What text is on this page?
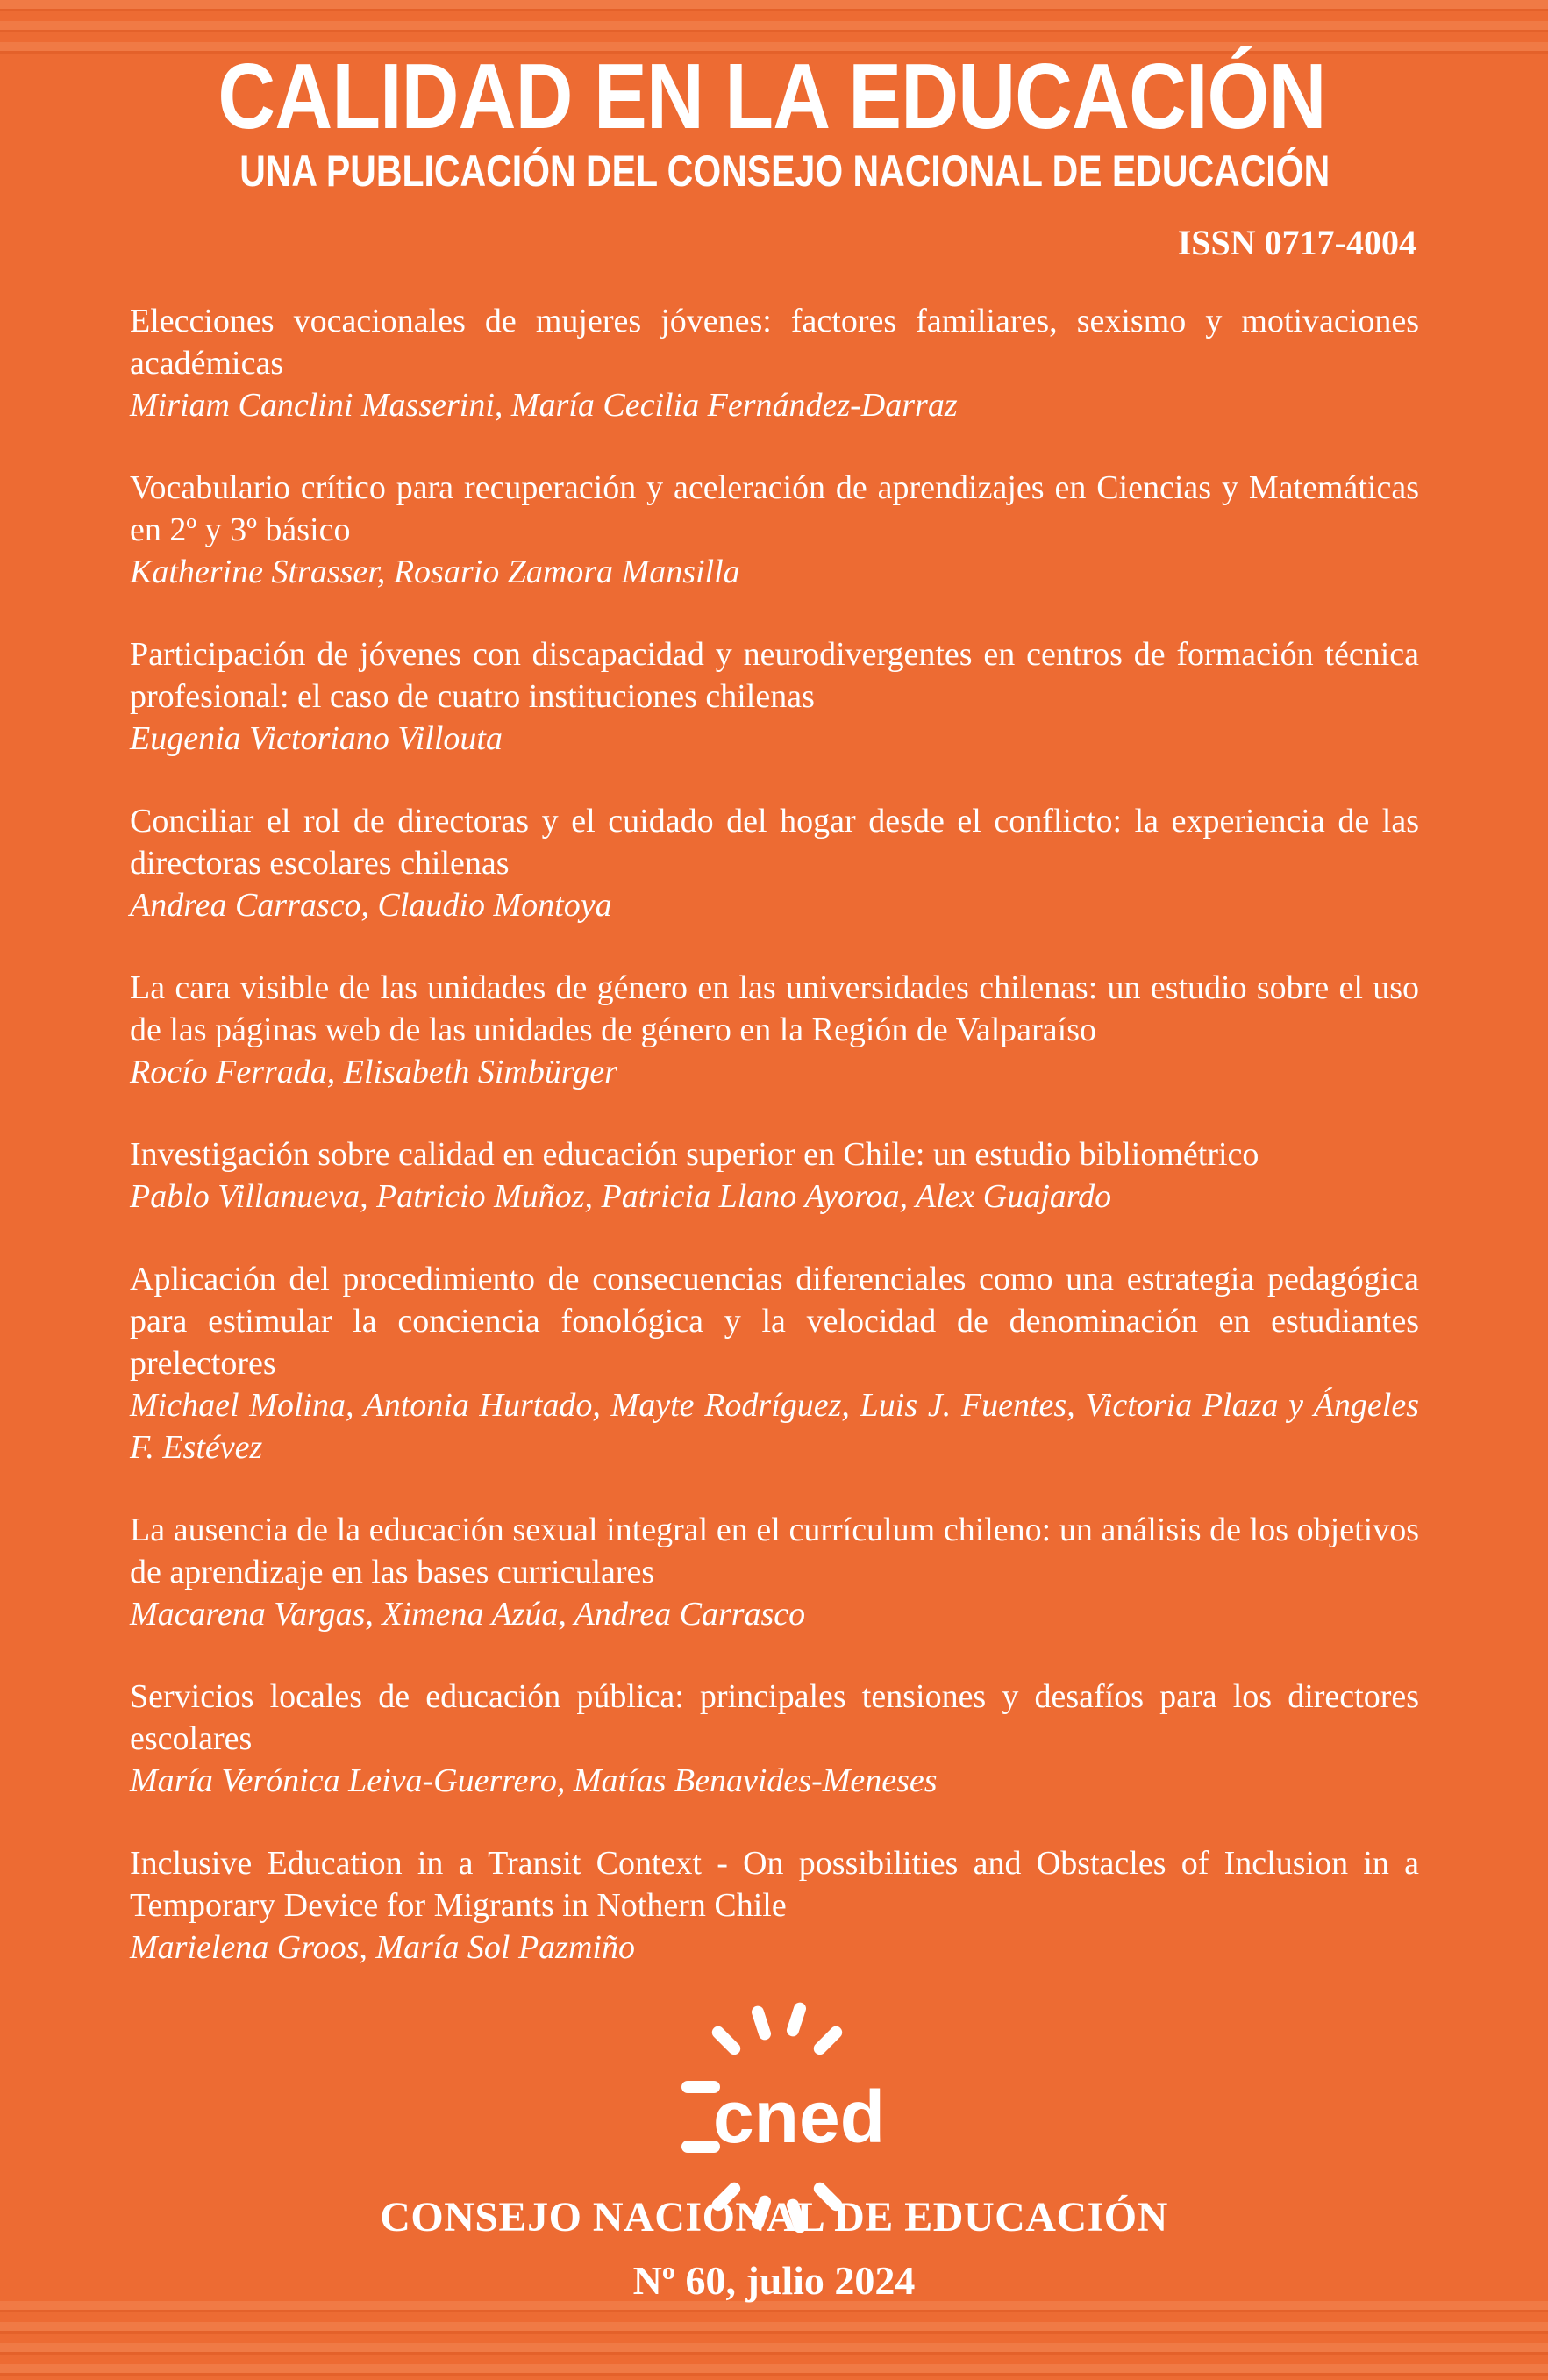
CALIDAD EN LA EDUCACIÓN
UNA PUBLICACIÓN DEL CONSEJO NACIONAL DE EDUCACIÓN
ISSN 0717-4004
Elecciones vocacionales de mujeres jóvenes: factores familiares, sexismo y motivaciones académicas
Miriam Canclini Masserini, María Cecilia Fernández-Darraz
Vocabulario crítico para recuperación y aceleración de aprendizajes en Ciencias y Matemáticas en 2º y 3º básico
Katherine Strasser, Rosario Zamora Mansilla
Participación de jóvenes con discapacidad y neurodivergentes en centros de formación técnica profesional: el caso de cuatro instituciones chilenas
Eugenia Victoriano Villouta
Conciliar el rol de directoras y el cuidado del hogar desde el conflicto: la experiencia de las directoras escolares chilenas
Andrea Carrasco, Claudio Montoya
La cara visible de las unidades de género en las universidades chilenas: un estudio sobre el uso de las páginas web de las unidades de género en la Región de Valparaíso
Rocío Ferrada, Elisabeth Simbürger
Investigación sobre calidad en educación superior en Chile: un estudio bibliométrico
Pablo Villanueva, Patricio Muñoz, Patricia Llano Ayoroa, Alex Guajardo
Aplicación del procedimiento de consecuencias diferenciales como una estrategia pedagógica para estimular la conciencia fonológica y la velocidad de denominación en estudiantes prelectores
Michael Molina, Antonia Hurtado, Mayte Rodríguez, Luis J. Fuentes, Victoria Plaza y Ángeles F. Estévez
La ausencia de la educación sexual integral en el currículum chileno: un análisis de los objetivos de aprendizaje en las bases curriculares
Macarena Vargas, Ximena Azúa, Andrea Carrasco
Servicios locales de educación pública: principales tensiones y desafíos para los directores escolares
María Verónica Leiva-Guerrero, Matías Benavides-Meneses
Inclusive Education in a Transit Context - On possibilities and Obstacles of Inclusion in a Temporary Device for Migrants in Nothern Chile
Marielena Groos, María Sol Pazmiño
cned
CONSEJO NACIONAL DE EDUCACIÓN
Nº 60, julio 2024
